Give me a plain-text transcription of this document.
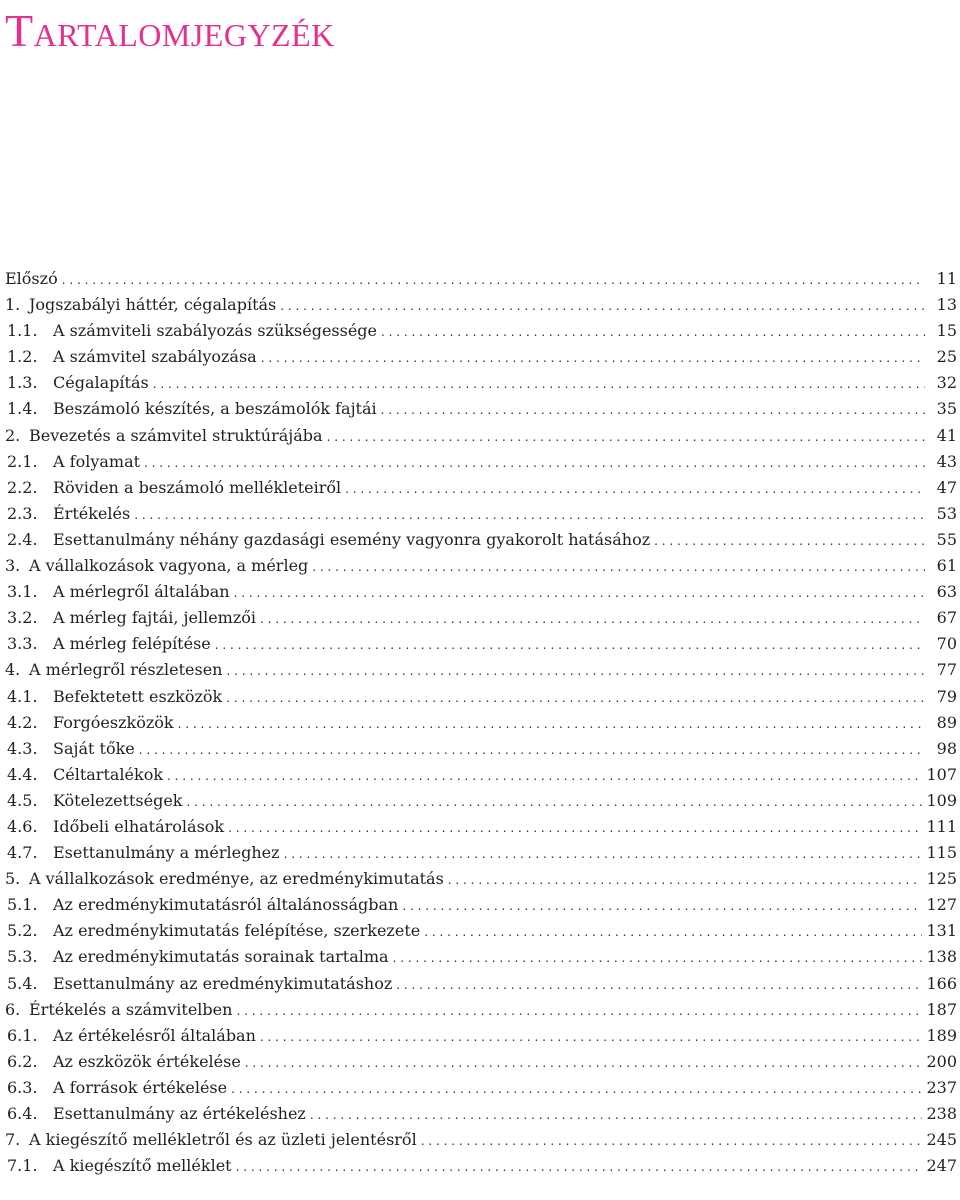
Tartalomjegyzék
Előszó . . .	11
1. Jogszabályi háttér, cégalapítás . . .	13
1.1. A számviteli szabályozás szükségessége . . .	15
1.2. A számvitel szabályozása . . .	25
1.3. Cégalapítás . . .	32
1.4. Beszámoló készítés, a beszámolók fajtái . . .	35
2. Bevezetés a számvitel struktúrájába . . .	41
2.1. A folyamat . . .	43
2.2. Röviden a beszámoló mellékleteiről . . .	47
2.3. Értékelés . . .	53
2.4. Esettanulmány néhány gazdasági esemény vagyonra gyakorolt hatásához . . .	55
3. A vállalkozások vagyona, a mérleg . . .	61
3.1. A mérlegről általában . . .	63
3.2. A mérleg fajtái, jellemzői . . .	67
3.3. A mérleg felépítése . . .	70
4. A mérlegről részletesen . . .	77
4.1. Befektetett eszközök . . .	79
4.2. Forgóeszközök . . .	89
4.3. Saját tőke . . .	98
4.4. Céltartalékok . . .	107
4.5. Kötelezettségek . . .	109
4.6. Időbeli elhatárolások . . .	111
4.7. Esettanulmány a mérleghez . . .	115
5. A vállalkozások eredménye, az eredménykimutatás . . .	125
5.1. Az eredménykimutatásról általánosságban . . .	127
5.2. Az eredménykimutatás felépítése, szerkezete . . .	131
5.3. Az eredménykimutatás sorainak tartalma . . .	138
5.4. Esettanulmány az eredménykimutatáshoz . . .	166
6. Értékelés a számvitelben . . .	187
6.1. Az értékelésről általában . . .	189
6.2. Az eszközök értékelése . . .	200
6.3. A források értékelése . . .	237
6.4. Esettanulmány az értékeléshez . . .	238
7. A kiegészítő mellékletről és az üzleti jelentésről . . .	245
7.1. A kiegészítő melléklet . . .	247
